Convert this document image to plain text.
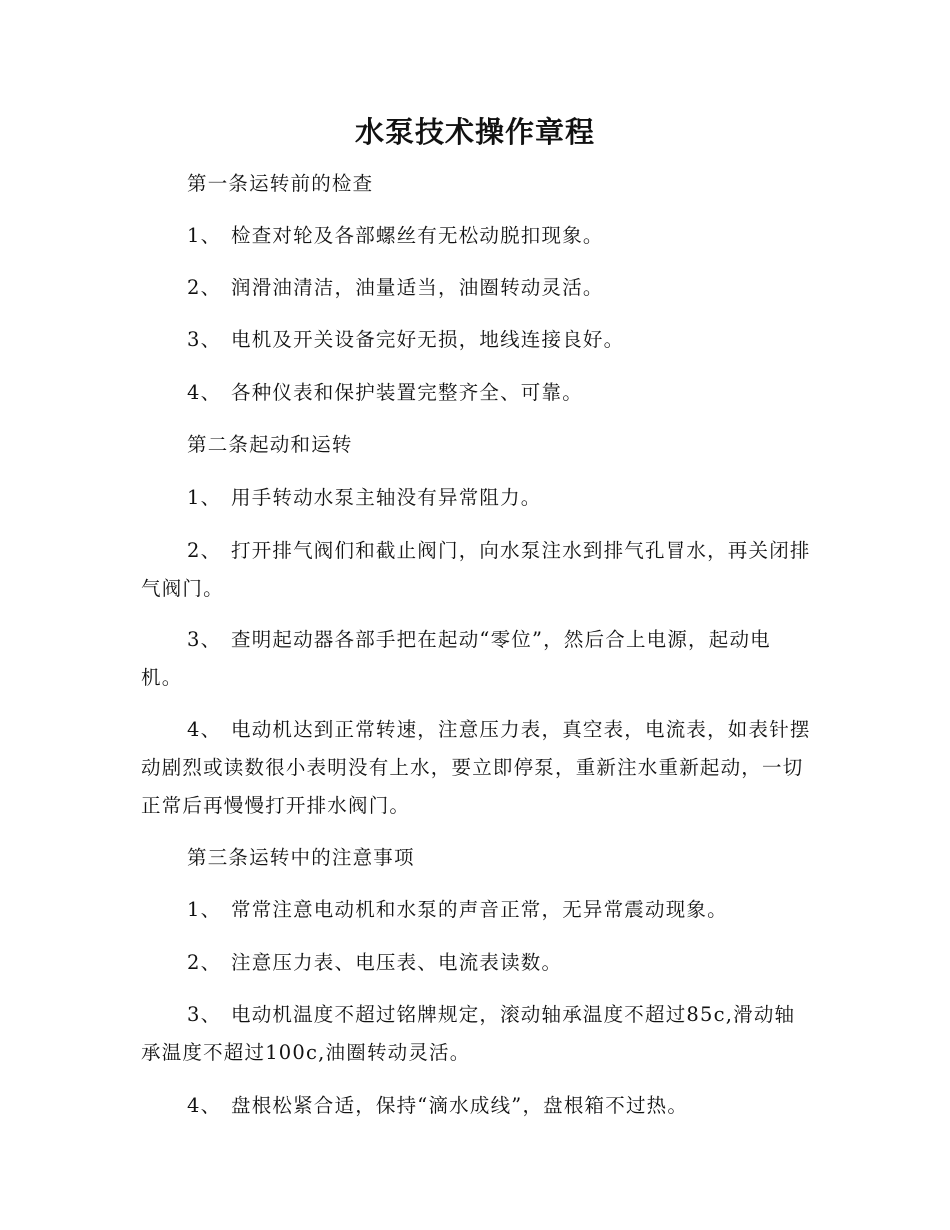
水泵技术操作章程

第一条运转前的检查

1、 检查对轮及各部螺丝有无松动脱扣现象。

2、 润滑油清洁，油量适当，油圈转动灵活。

3、 电机及开关设备完好无损，地线连接良好。

4、 各种仪表和保护装置完整齐全、可靠。

第二条起动和运转

1、 用手转动水泵主轴没有异常阻力。

2、 打开排气阀们和截止阀门，向水泵注水到排气孔冒水，再关闭排气阀门。

3、 查明起动器各部手把在起动“零位”，然后合上电源，起动电机。

4、 电动机达到正常转速，注意压力表，真空表，电流表，如表针摆动剧烈或读数很小表明没有上水，要立即停泵，重新注水重新起动，一切正常后再慢慢打开排水阀门。

第三条运转中的注意事项

1、 常常注意电动机和水泵的声音正常，无异常震动现象。

2、 注意压力表、电压表、电流表读数。

3、 电动机温度不超过铭牌规定，滚动轴承温度不超过85c,滑动轴承温度不超过100c,油圈转动灵活。

4、 盘根松紧合适，保持“滴水成线”，盘根箱不过热。
